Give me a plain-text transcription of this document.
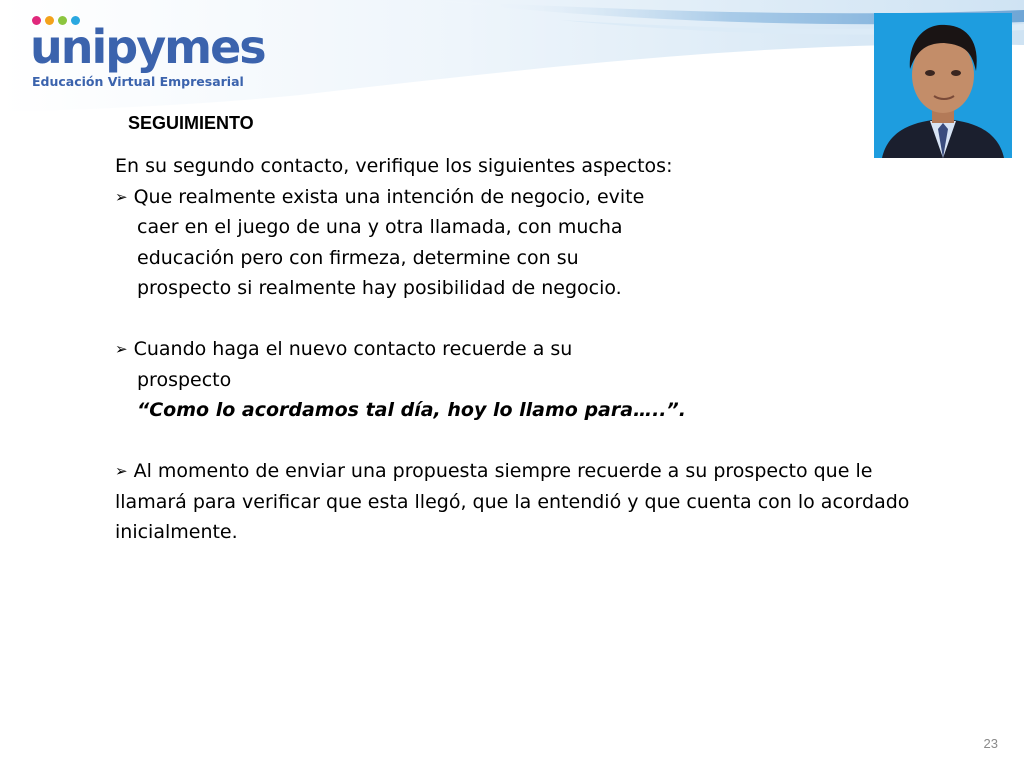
unipymes
Educación Virtual Empresarial
SEGUIMIENTO
En su segundo contacto, verifique los siguientes aspectos:
➢ Que realmente exista una intención de negocio, evite
caer en el juego de una y otra llamada, con mucha
educación pero con firmeza, determine con su
prospecto si realmente hay posibilidad de negocio.
➢ Cuando haga el nuevo contacto recuerde a su
prospecto
“Como lo acordamos tal día, hoy lo llamo para…..”.
➢ Al momento de enviar una propuesta siempre recuerde a su prospecto que le
llamará para verificar que esta llegó, que la entendió y que cuenta con lo acordado
inicialmente.
23
